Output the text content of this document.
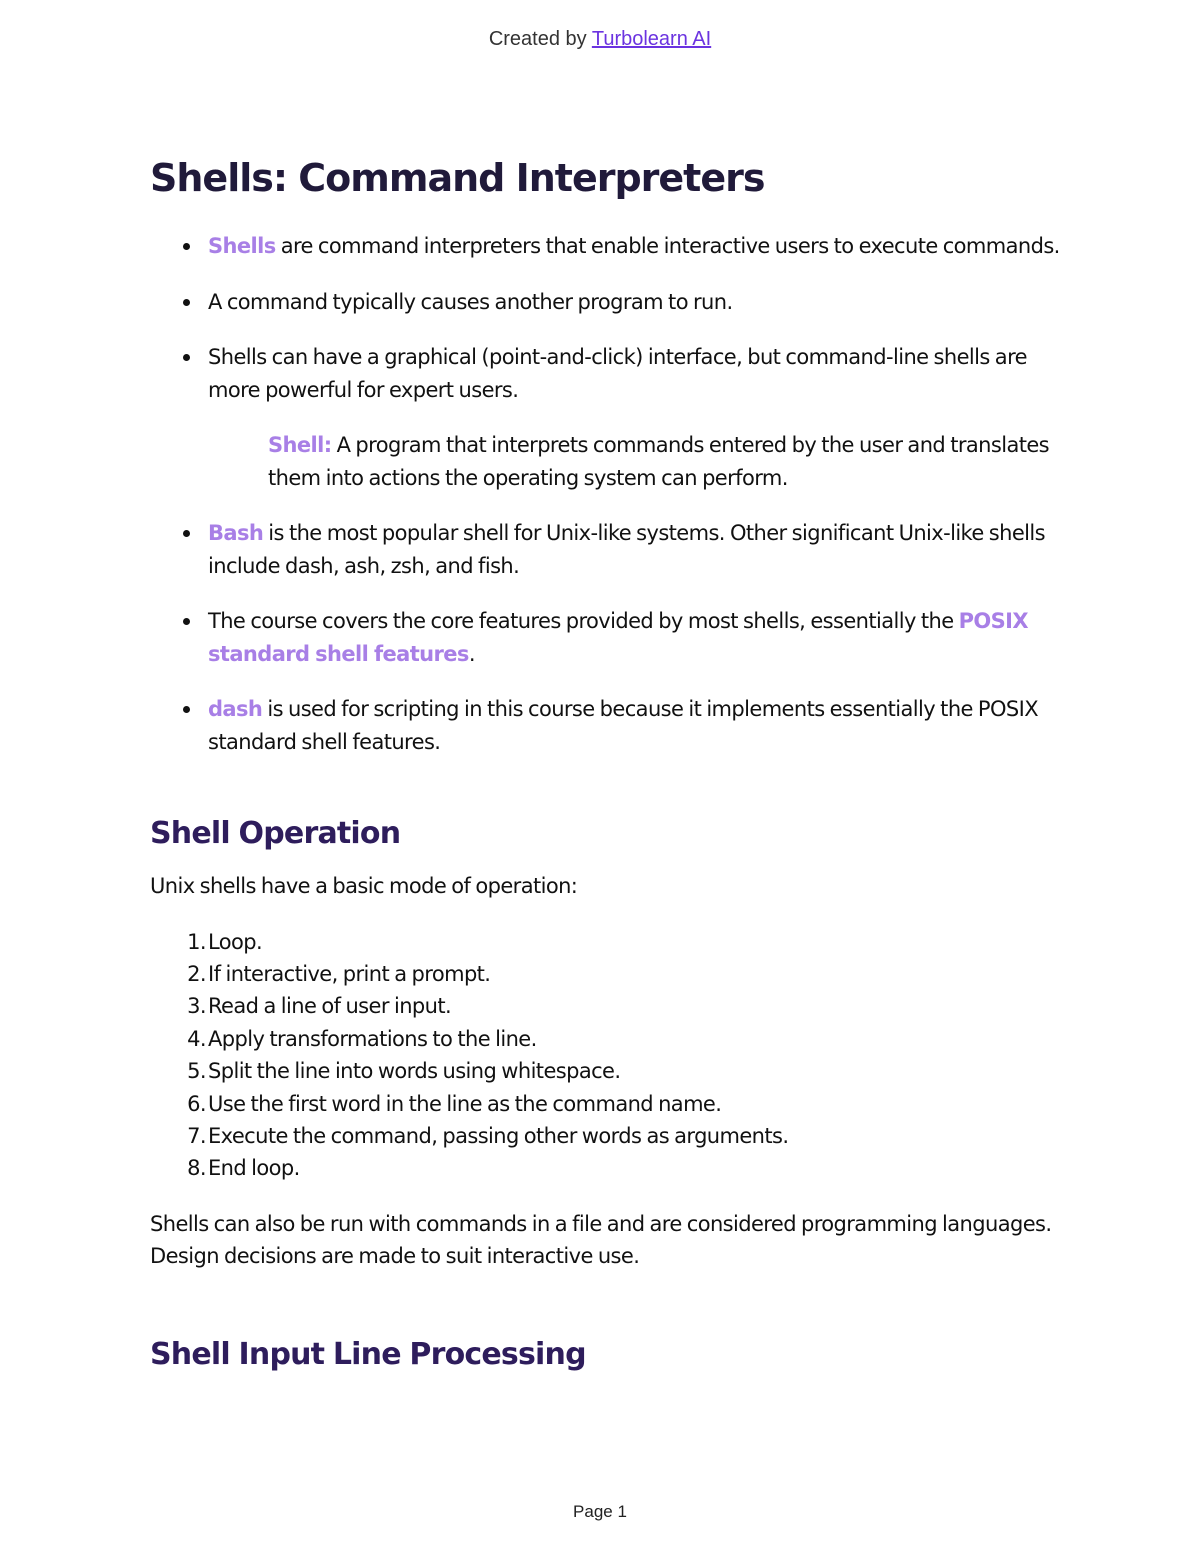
Created by Turbolearn AI
Shells: Command Interpreters
Shells are command interpreters that enable interactive users to execute commands.
A command typically causes another program to run.
Shells can have a graphical (point-and-click) interface, but command-line shells are more powerful for expert users.
Shell: A program that interprets commands entered by the user and translates them into actions the operating system can perform.
Bash is the most popular shell for Unix-like systems. Other significant Unix-like shells include dash, ash, zsh, and fish.
The course covers the core features provided by most shells, essentially the POSIX standard shell features.
dash is used for scripting in this course because it implements essentially the POSIX standard shell features.
Shell Operation

Unix shells have a basic mode of operation:

1. Loop.
2. If interactive, print a prompt.
3. Read a line of user input.
4. Apply transformations to the line.
5. Split the line into words using whitespace.
6. Use the first word in the line as the command name.
7. Execute the command, passing other words as arguments.
8. End loop.

Shells can also be run with commands in a file and are considered programming languages. Design decisions are made to suit interactive use.

Shell Input Line Processing
Page 1
